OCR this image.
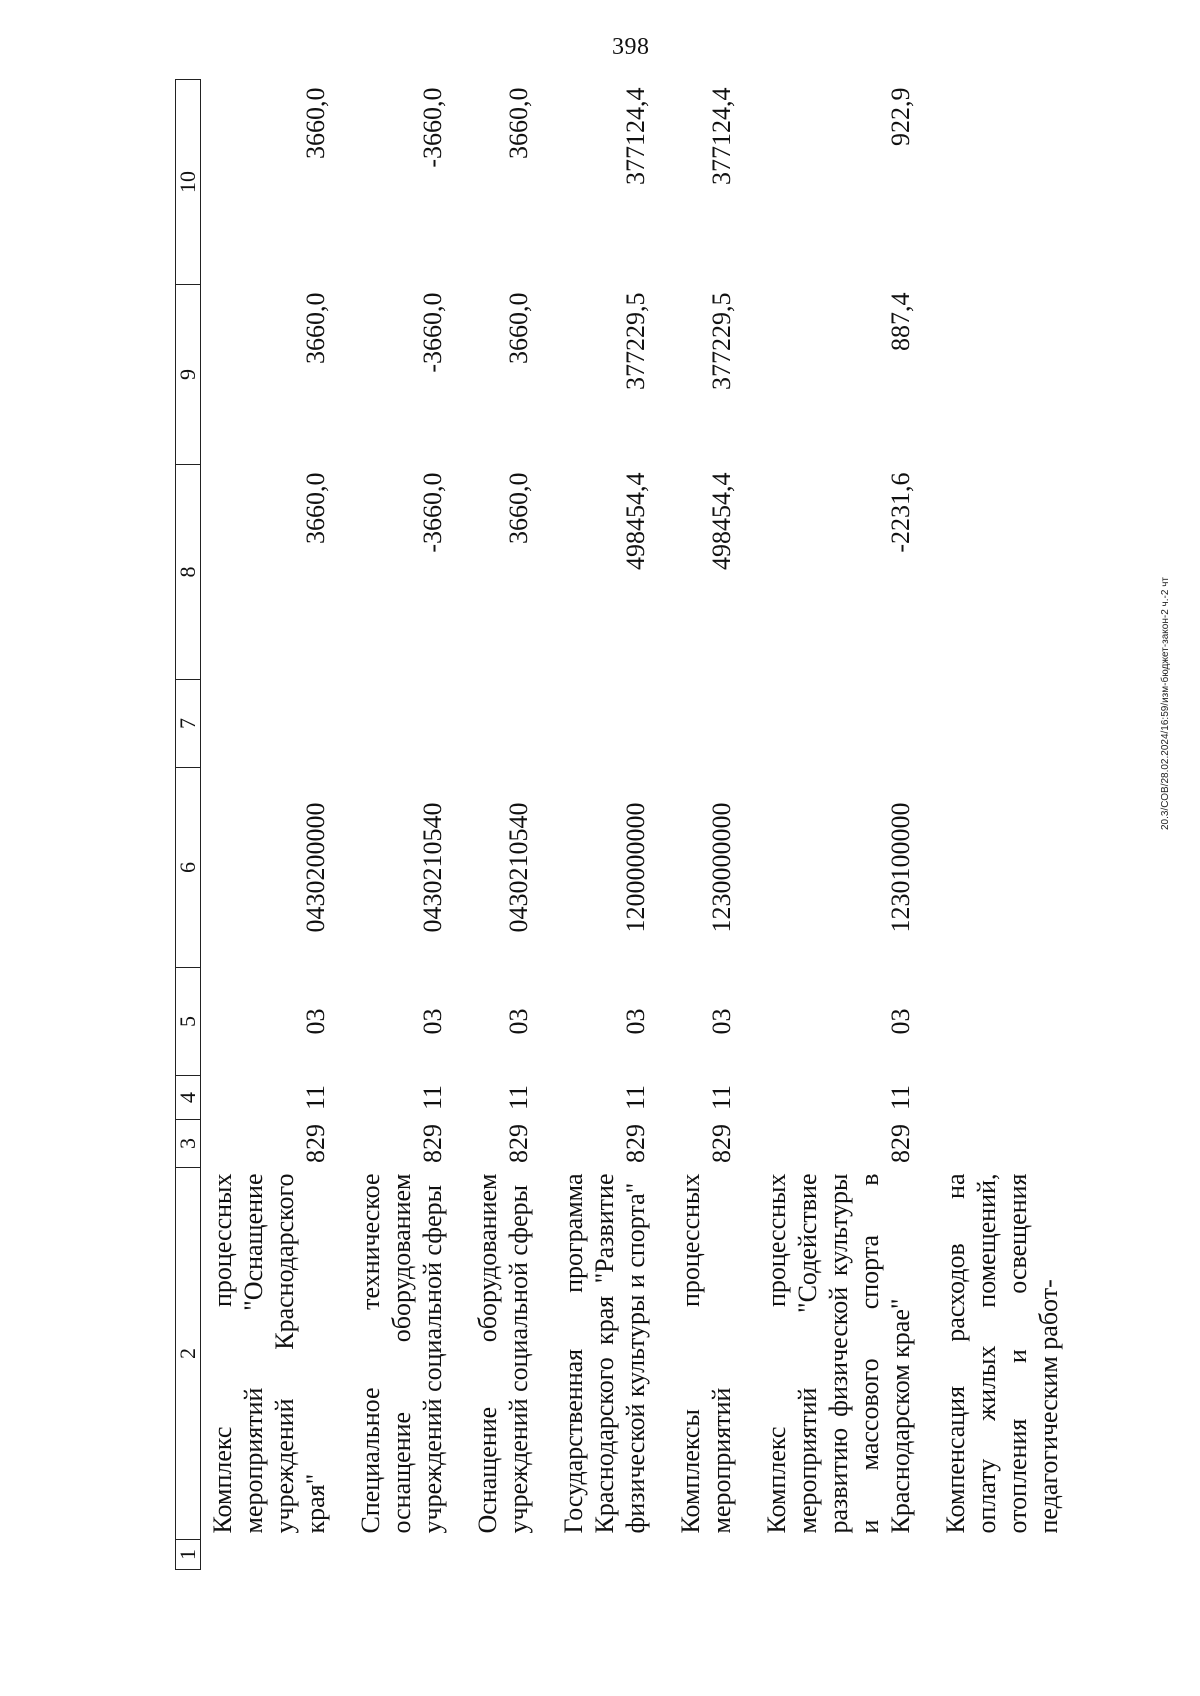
398
20.3/СОВ/28.02.2024/16:59/изм-бюджет-закон-2 ч.-2 чт
1	2	3	4	5	6	7	8	9	10
	Комплекс процессных мероприятий "Оснащение учреждений Краснодарского края"	829	11	03	0430200000		3660,0	3660,0	3660,0

	Специальное техническое оснащение оборудованием учреждений социальной сферы	829	11	03	0430210540		-3660,0	-3660,0	-3660,0

	Оснащение оборудованием учреждений социальной сферы	829	11	03	0430210540		3660,0	3660,0	3660,0

	Государственная программа Краснодарского края "Развитие физической культуры и спорта"	829	11	03	1200000000		498454,4	377229,5	377124,4

	Комплексы процессных мероприятий	829	11	03	1230000000		498454,4	377229,5	377124,4

	Комплекс процессных мероприятий "Содействие развитию физической культуры и массового спорта в Краснодарском крае"	829	11	03	1230100000		-2231,6	887,4	922,9

	Компенсация расходов на оплату жилых помещений, отопления и освещения педагогическим работ-								
